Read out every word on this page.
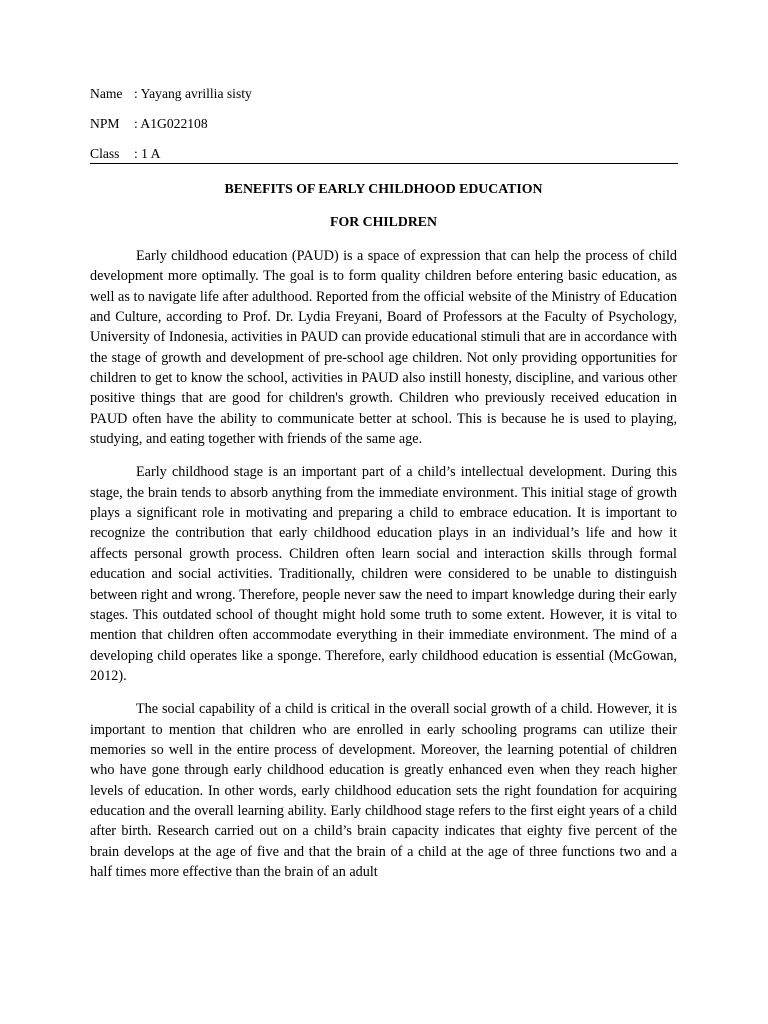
Name : Yayang avrillia sisty
NPM : A1G022108
Class : 1 A
BENEFITS OF EARLY CHILDHOOD EDUCATION
FOR CHILDREN

Early childhood education (PAUD) is a space of expression that can help the process of child development more optimally. The goal is to form quality children before entering basic education, as well as to navigate life after adulthood. Reported from the official website of the Ministry of Education and Culture, according to Prof. Dr. Lydia Freyani, Board of Professors at the Faculty of Psychology, University of Indonesia, activities in PAUD can provide educational stimuli that are in accordance with the stage of growth and development of pre-school age children. Not only providing opportunities for children to get to know the school, activities in PAUD also instill honesty, discipline, and various other positive things that are good for children's growth. Children who previously received education in PAUD often have the ability to communicate better at school. This is because he is used to playing, studying, and eating together with friends of the same age.

Early childhood stage is an important part of a child’s intellectual development. During this stage, the brain tends to absorb anything from the immediate environment. This initial stage of growth plays a significant role in motivating and preparing a child to embrace education. It is important to recognize the contribution that early childhood education plays in an individual’s life and how it affects personal growth process. Children often learn social and interaction skills through formal education and social activities. Traditionally, children were considered to be unable to distinguish between right and wrong. Therefore, people never saw the need to impart knowledge during their early stages. This outdated school of thought might hold some truth to some extent. However, it is vital to mention that children often accommodate everything in their immediate environment. The mind of a developing child operates like a sponge. Therefore, early childhood education is essential (McGowan, 2012).

The social capability of a child is critical in the overall social growth of a child. However, it is important to mention that children who are enrolled in early schooling programs can utilize their memories so well in the entire process of development. Moreover, the learning potential of children who have gone through early childhood education is greatly enhanced even when they reach higher levels of education. In other words, early childhood education sets the right foundation for acquiring education and the overall learning ability. Early childhood stage refers to the first eight years of a child after birth. Research carried out on a child’s brain capacity indicates that eighty five percent of the brain develops at the age of five and that the brain of a child at the age of three functions two and a half times more effective than the brain of an adult
